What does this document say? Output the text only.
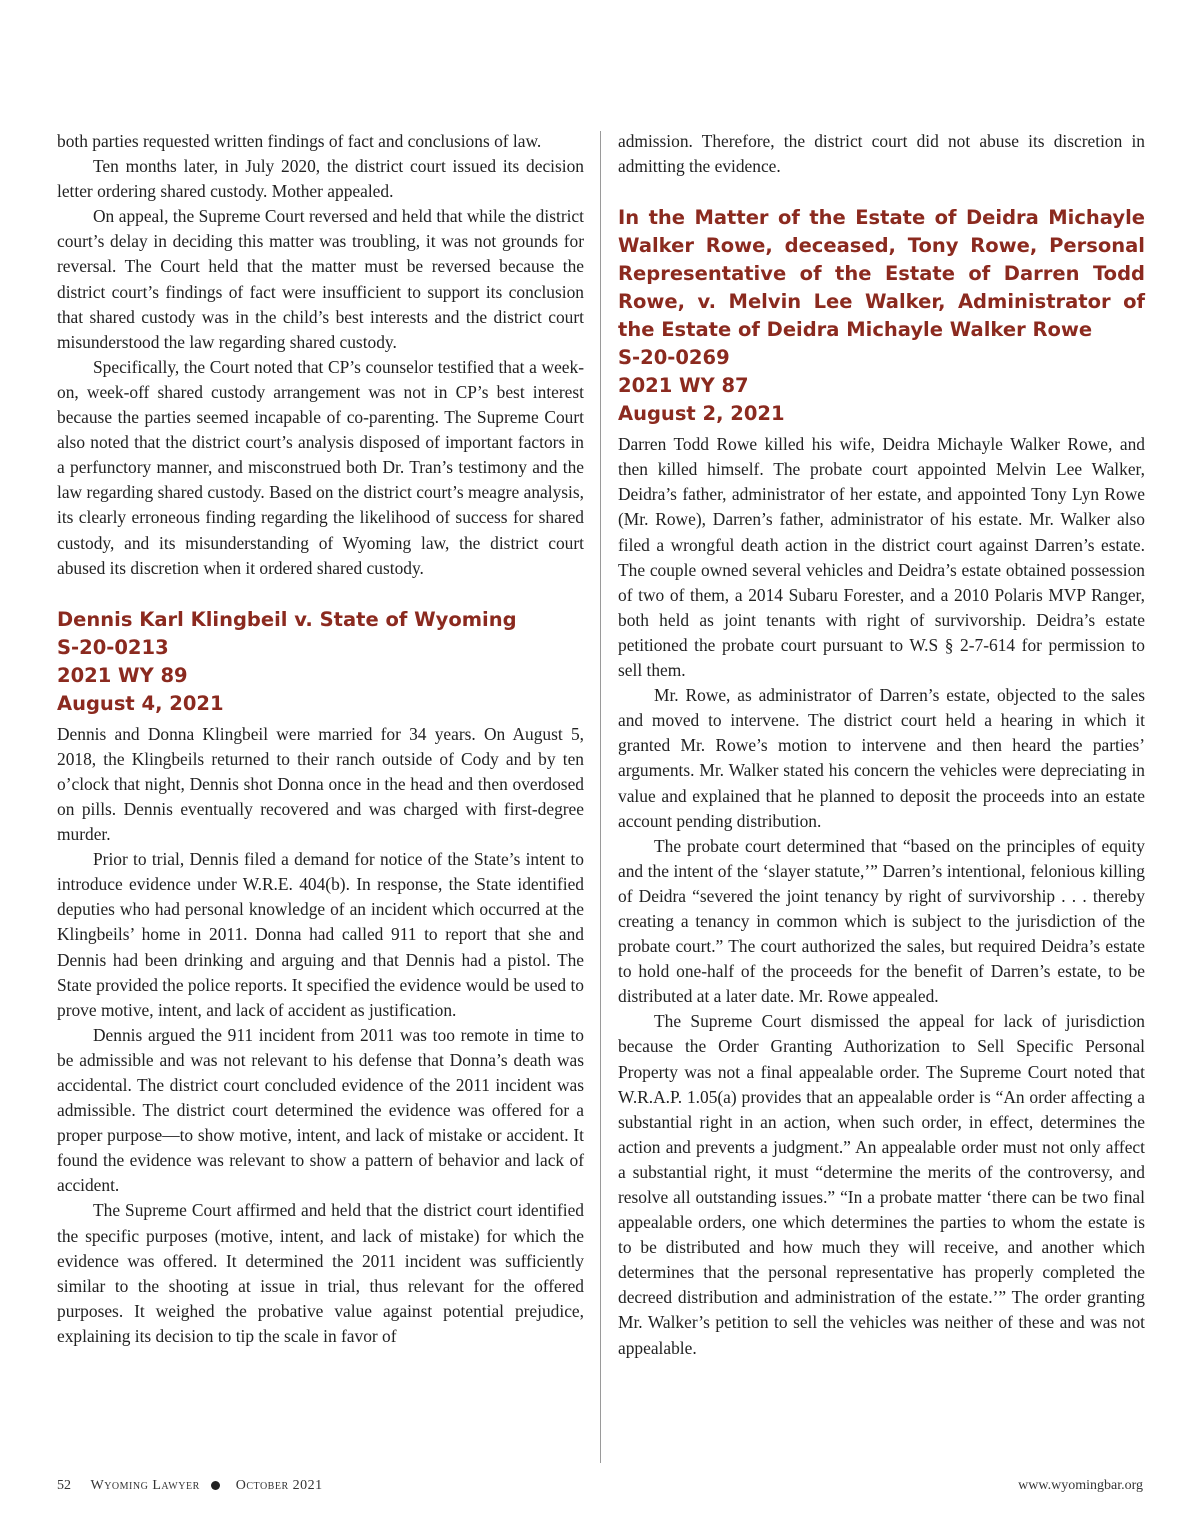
both parties requested written findings of fact and conclusions of law.

Ten months later, in July 2020, the district court issued its decision letter ordering shared custody. Mother appealed.

On appeal, the Supreme Court reversed and held that while the district court’s delay in deciding this matter was troubling, it was not grounds for reversal. The Court held that the matter must be reversed because the district court’s findings of fact were insufficient to support its conclusion that shared custody was in the child’s best interests and the district court misunderstood the law regarding shared custody.

Specifically, the Court noted that CP’s counselor testified that a week-on, week-off shared custody arrangement was not in CP’s best interest because the parties seemed incapable of co-parenting. The Supreme Court also noted that the district court’s analysis disposed of important factors in a perfunctory manner, and misconstrued both Dr. Tran’s testimony and the law regarding shared custody. Based on the district court’s meagre analysis, its clearly erroneous finding regarding the likelihood of success for shared custody, and its misunderstanding of Wyoming law, the district court abused its discretion when it ordered shared custody.

Dennis Karl Klingbeil v. State of Wyoming

S-20-0213
2021 WY 89
August 4, 2021

Dennis and Donna Klingbeil were married for 34 years. On August 5, 2018, the Klingbeils returned to their ranch outside of Cody and by ten o’clock that night, Dennis shot Donna once in the head and then overdosed on pills. Dennis eventually recovered and was charged with first-degree murder.

Prior to trial, Dennis filed a demand for notice of the State’s intent to introduce evidence under W.R.E. 404(b). In response, the State identified deputies who had personal knowledge of an incident which occurred at the Klingbeils’ home in 2011. Donna had called 911 to report that she and Dennis had been drinking and arguing and that Dennis had a pistol. The State provided the police reports. It specified the evidence would be used to prove motive, intent, and lack of accident as justification.

Dennis argued the 911 incident from 2011 was too remote in time to be admissible and was not relevant to his defense that Donna’s death was accidental. The district court concluded evidence of the 2011 incident was admissible. The district court determined the evidence was offered for a proper purpose—to show motive, intent, and lack of mistake or accident. It found the evidence was relevant to show a pattern of behavior and lack of accident.

The Supreme Court affirmed and held that the district court identified the specific purposes (motive, intent, and lack of mistake) for which the evidence was offered. It determined the 2011 incident was sufficiently similar to the shooting at issue in trial, thus relevant for the offered purposes. It weighed the probative value against potential prejudice, explaining its decision to tip the scale in favor of

admission. Therefore, the district court did not abuse its discretion in admitting the evidence.

In the Matter of the Estate of Deidra Michayle Walker Rowe, deceased, Tony Rowe, Personal Representative of the Estate of Darren Todd Rowe, v. Melvin Lee Walker, Administrator of the Estate of Deidra Michayle Walker Rowe

S-20-0269
2021 WY 87
August 2, 2021

Darren Todd Rowe killed his wife, Deidra Michayle Walker Rowe, and then killed himself. The probate court appointed Melvin Lee Walker, Deidra’s father, administrator of her estate, and appointed Tony Lyn Rowe (Mr. Rowe), Darren’s father, administrator of his estate. Mr. Walker also filed a wrongful death action in the district court against Darren’s estate. The couple owned several vehicles and Deidra’s estate obtained possession of two of them, a 2014 Subaru Forester, and a 2010 Polaris MVP Ranger, both held as joint tenants with right of survivorship. Deidra’s estate petitioned the probate court pursuant to W.S § 2-7-614 for permission to sell them.

Mr. Rowe, as administrator of Darren’s estate, objected to the sales and moved to intervene. The district court held a hearing in which it granted Mr. Rowe’s motion to intervene and then heard the parties’ arguments. Mr. Walker stated his concern the vehicles were depreciating in value and explained that he planned to deposit the proceeds into an estate account pending distribution.

The probate court determined that “based on the principles of equity and the intent of the ‘slayer statute,’” Darren’s intentional, felonious killing of Deidra “severed the joint tenancy by right of survivorship . . . thereby creating a tenancy in common which is subject to the jurisdiction of the probate court.” The court authorized the sales, but required Deidra’s estate to hold one-half of the proceeds for the benefit of Darren’s estate, to be distributed at a later date. Mr. Rowe appealed.

The Supreme Court dismissed the appeal for lack of jurisdiction because the Order Granting Authorization to Sell Specific Personal Property was not a final appealable order. The Supreme Court noted that W.R.A.P. 1.05(a) provides that an appealable order is “An order affecting a substantial right in an action, when such order, in effect, determines the action and prevents a judgment.” An appealable order must not only affect a substantial right, it must “determine the merits of the controversy, and resolve all outstanding issues.” “In a probate matter ‘there can be two final appealable orders, one which determines the parties to whom the estate is to be distributed and how much they will receive, and another which determines that the personal representative has properly completed the decreed distribution and administration of the estate.’” The order granting Mr. Walker’s petition to sell the vehicles was neither of these and was not appealable.

52 Wyoming Lawyer	October 2021	www.wyomingbar.org
